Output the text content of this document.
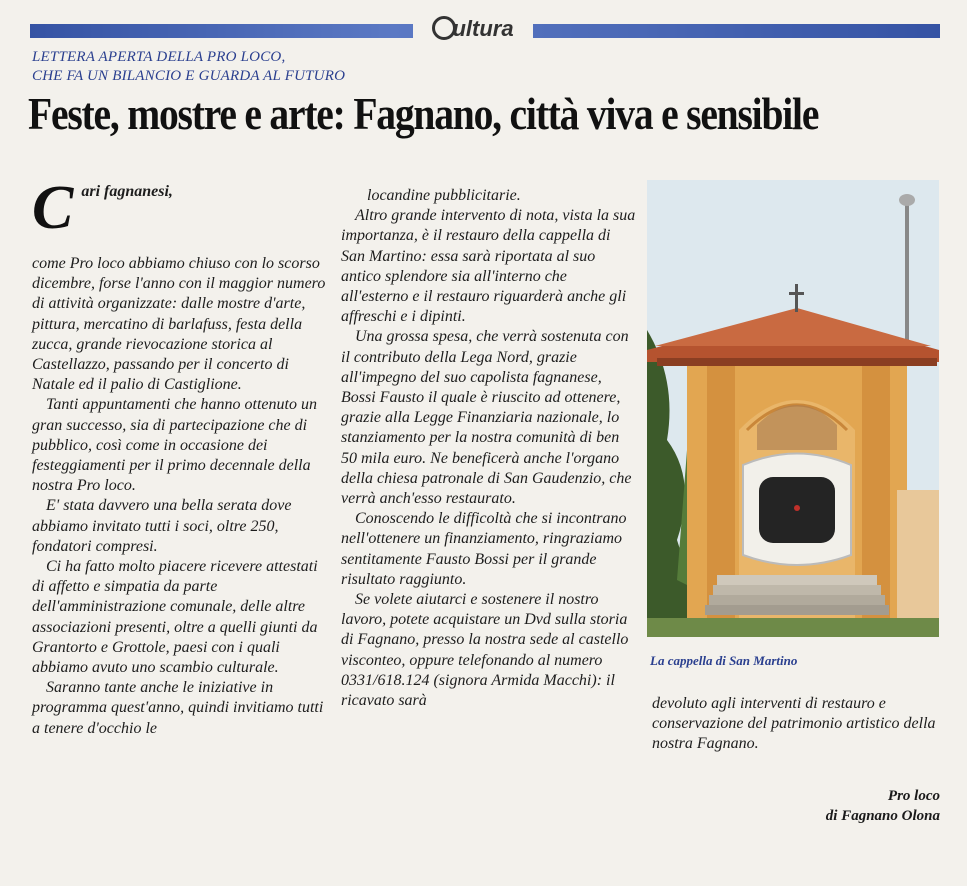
ultura
LETTERA APERTA DELLA PRO LOCO,
CHE FA UN BILANCIO E GUARDA AL FUTURO
Feste, mostre e arte: Fagnano, città viva e sensibile
C ari fagnanesi,

come Pro loco abbiamo chiuso con lo scorso dicembre, forse l'anno con il maggior numero di attività organizzate: dalle mostre d'arte, pittura, mercatino di barlafuss, festa della zucca, grande rievocazione storica al Castellazzo, passando per il concerto di Natale ed il palio di Castiglione.

Tanti appuntamenti che hanno ottenuto un gran successo, sia di partecipazione che di pubblico, così come in occasione dei festeggiamenti per il primo decennale della nostra Pro loco.

E' stata davvero una bella serata dove abbiamo invitato tutti i soci, oltre 250, fondatori compresi.

Ci ha fatto molto piacere ricevere attestati di affetto e simpatia da parte dell'amministrazione comunale, delle altre associazioni presenti, oltre a quelli giunti da Grantorto e Grottole, paesi con i quali abbiamo avuto uno scambio culturale.

Saranno tante anche le iniziative in programma quest'anno, quindi invitiamo tutti a tenere d'occhio le

locandine pubblicitarie.

Altro grande intervento di nota, vista la sua importanza, è il restauro della cappella di San Martino: essa sarà riportata al suo antico splendore sia all'interno che all'esterno e il restauro riguarderà anche gli affreschi e i dipinti.

Una grossa spesa, che verrà sostenuta con il contributo della Lega Nord, grazie all'impegno del suo capolista fagnanese, Bossi Fausto il quale è riuscito ad ottenere, grazie alla Legge Finanziaria nazionale, lo stanziamento per la nostra comunità di ben 50 mila euro. Ne beneficerà anche l'organo della chiesa patronale di San Gaudenzio, che verrà anch'esso restaurato.

Conoscendo le difficoltà che si incontrano nell'ottenere un finanziamento, ringraziamo sentitamente Fausto Bossi per il grande risultato raggiunto.

Se volete aiutarci e sostenere il nostro lavoro, potete acquistare un Dvd sulla storia di Fagnano, presso la nostra sede al castello visconteo, oppure telefonando al numero 0331/618.124 (signora Armida Macchi): il ricavato sarà

La cappella di San Martino

devoluto agli interventi di restauro e conservazione del patrimonio artistico della nostra Fagnano.

Pro loco
di Fagnano Olona
